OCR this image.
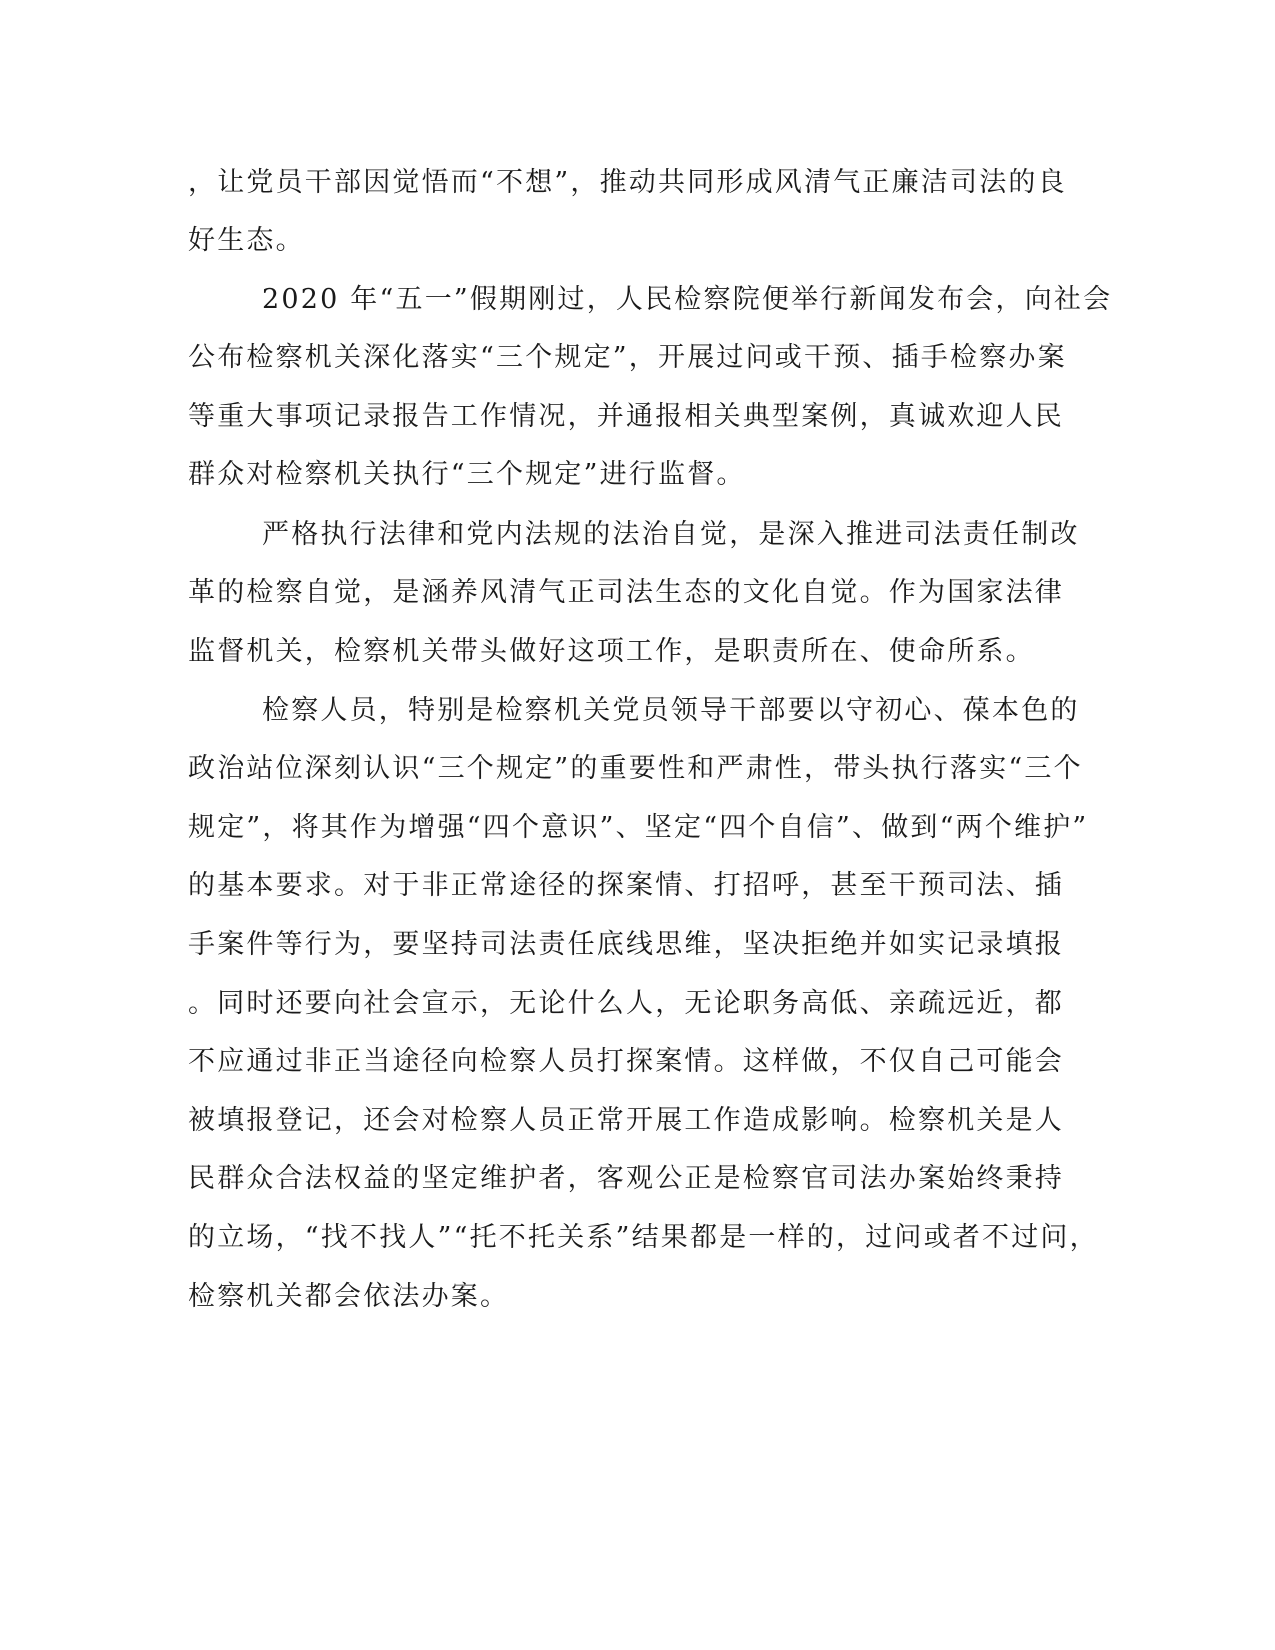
，让党员干部因觉悟而“不想”，推动共同形成风清气正廉洁司法的良
好生态。
2020 年“五一”假期刚过，人民检察院便举行新闻发布会，向社会
公布检察机关深化落实“三个规定”，开展过问或干预、插手检察办案
等重大事项记录报告工作情况，并通报相关典型案例，真诚欢迎人民
群众对检察机关执行“三个规定”进行监督。
严格执行法律和党内法规的法治自觉，是深入推进司法责任制改
革的检察自觉，是涵养风清气正司法生态的文化自觉。作为国家法律
监督机关，检察机关带头做好这项工作，是职责所在、使命所系。
检察人员，特别是检察机关党员领导干部要以守初心、葆本色的
政治站位深刻认识“三个规定”的重要性和严肃性，带头执行落实“三个
规定”，将其作为增强“四个意识”、坚定“四个自信”、做到“两个维护”
的基本要求。对于非正常途径的探案情、打招呼，甚至干预司法、插
手案件等行为，要坚持司法责任底线思维，坚决拒绝并如实记录填报
。同时还要向社会宣示，无论什么人，无论职务高低、亲疏远近，都
不应通过非正当途径向检察人员打探案情。这样做，不仅自己可能会
被填报登记，还会对检察人员正常开展工作造成影响。检察机关是人
民群众合法权益的坚定维护者，客观公正是检察官司法办案始终秉持
的立场，“找不找人”“托不托关系”结果都是一样的，过问或者不过问，
检察机关都会依法办案。
